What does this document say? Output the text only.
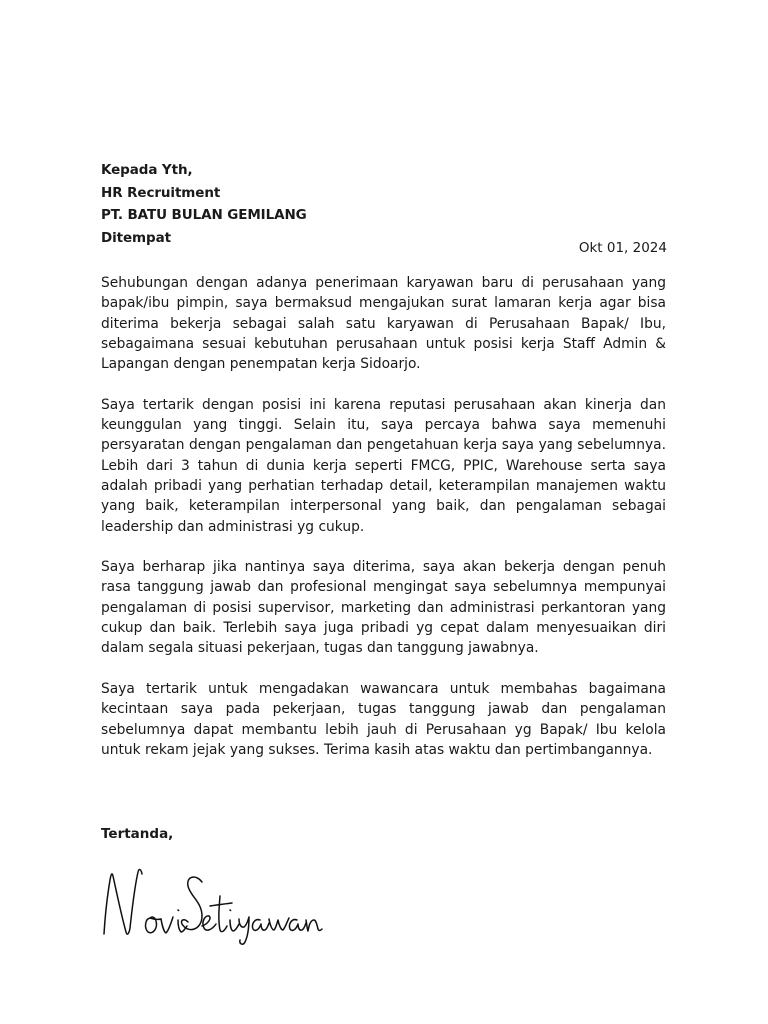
Kepada Yth,
HR Recruitment
PT. BATU BULAN GEMILANG
Ditempat
Okt 01, 2024

Sehubungan dengan adanya penerimaan karyawan baru di perusahaan yang bapak/ibu pimpin, saya bermaksud mengajukan surat lamaran kerja agar bisa diterima bekerja sebagai salah satu karyawan di Perusahaan Bapak/ Ibu, sebagaimana sesuai kebutuhan perusahaan untuk posisi kerja Staff Admin & Lapangan dengan penempatan kerja Sidoarjo.

Saya tertarik dengan posisi ini karena reputasi perusahaan akan kinerja dan keunggulan yang tinggi. Selain itu, saya percaya bahwa saya memenuhi persyaratan dengan pengalaman dan pengetahuan kerja saya yang sebelumnya. Lebih dari 3 tahun di dunia kerja seperti FMCG, PPIC, Warehouse serta saya adalah pribadi yang perhatian terhadap detail, keterampilan manajemen waktu yang baik, keterampilan interpersonal yang baik, dan pengalaman sebagai leadership dan administrasi yg cukup.

Saya berharap jika nantinya saya diterima, saya akan bekerja dengan penuh rasa tanggung jawab dan profesional mengingat saya sebelumnya mempunyai pengalaman di posisi supervisor, marketing dan administrasi perkantoran yang cukup dan baik. Terlebih saya juga pribadi yg cepat dalam menyesuaikan diri dalam segala situasi pekerjaan, tugas dan tanggung jawabnya.

Saya tertarik untuk mengadakan wawancara untuk membahas bagaimana kecintaan saya pada pekerjaan, tugas tanggung jawab dan pengalaman sebelumnya dapat membantu lebih jauh di Perusahaan yg Bapak/ Ibu kelola untuk rekam jejak yang sukses. Terima kasih atas waktu dan pertimbangannya.

Tertanda,
